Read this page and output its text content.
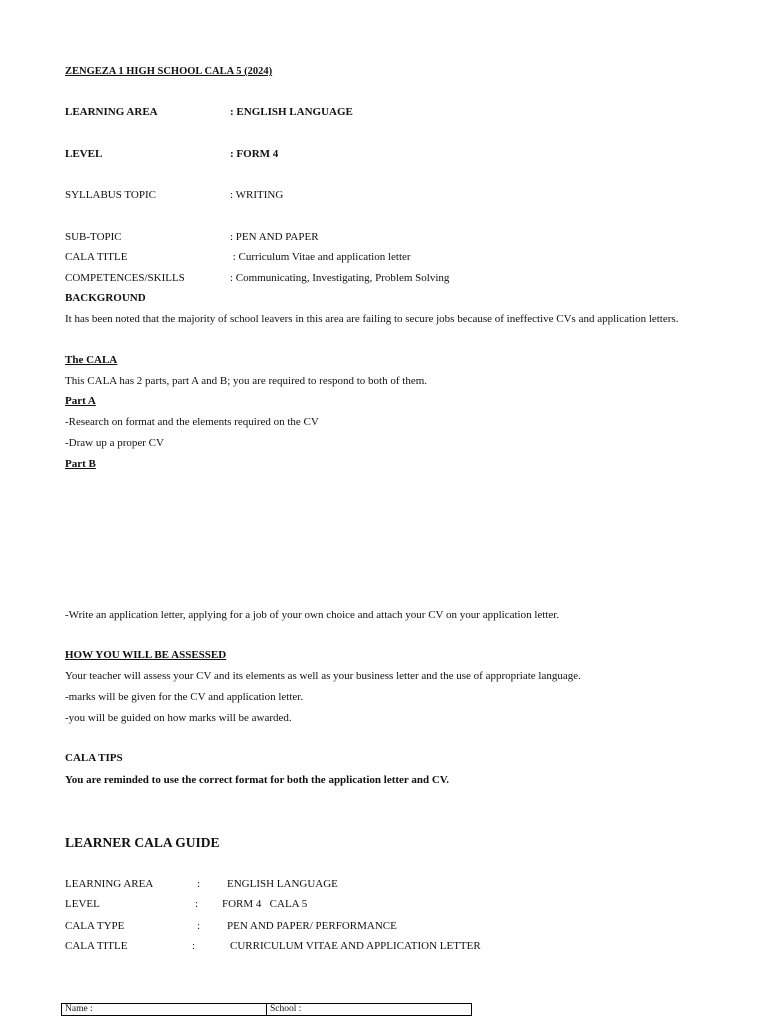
ZENGEZA 1 HIGH SCHOOL CALA 5 (2024)
LEARNING AREA	: ENGLISH LANGUAGE
LEVEL	: FORM 4
SYLLABUS TOPIC	: WRITING
SUB-TOPIC	: PEN AND PAPER
CALA TITLE	: Curriculum Vitae and application letter
COMPETENCES/SKILLS	: Communicating, Investigating, Problem Solving
BACKGROUND
It has been noted that the majority of school leavers in this area are failing to secure jobs because of ineffective CVs and application letters.
The CALA
This CALA has 2 parts, part A and B; you are required to respond to both of them.
Part A
-Research on format and the elements required on the CV
-Draw up a proper CV
Part B
-Write an application letter, applying for a job of your own choice and attach your CV on your application letter.
HOW YOU WILL BE ASSESSED
Your teacher will assess your CV and its elements as well as your business letter and the use of appropriate language.
-marks will be given for the CV and application letter.
-you will be guided on how marks will be awarded.
CALA TIPS
You are reminded to use the correct format for both the application letter and CV.
LEARNER CALA GUIDE
LEARNING AREA	: ENGLISH LANGUAGE
LEVEL	: FORM 4   CALA 5
CALA TYPE	: PEN AND PAPER/ PERFORMANCE
CALA TITLE	:	CURRICULUM VITAE AND APPLICATION LETTER
Name :	School :
